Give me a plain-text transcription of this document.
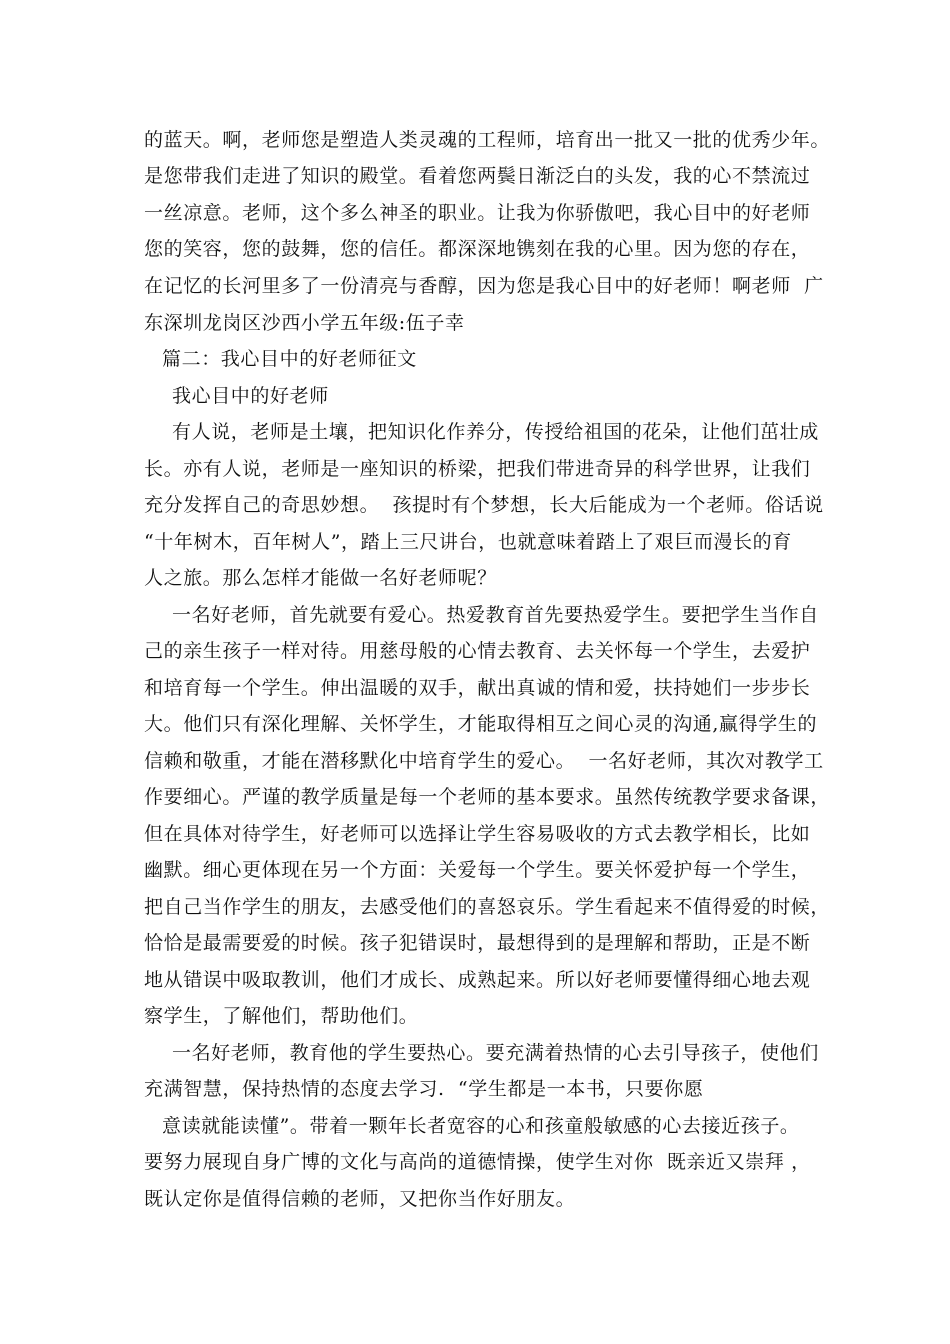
的蓝天。啊，老师您是塑造人类灵魂的工程师，培育出一批又一批的优秀少年。
是您带我们走进了知识的殿堂。看着您两鬓日渐泛白的头发，我的心不禁流过
一丝凉意。老师，这个多么神圣的职业。让我为你骄傲吧，我心目中的好老师
您的笑容，您的鼓舞，您的信任。都深深地镌刻在我的心里。因为您的存在，
在记忆的长河里多了一份清亮与香醇，因为您是我心目中的好老师！啊老师  广
东深圳龙岗区沙西小学五年级:伍子幸
篇二：我心目中的好老师征文
我心目中的好老师
有人说，老师是土壤，把知识化作养分，传授给祖国的花朵，让他们茁壮成
长。亦有人说，老师是一座知识的桥梁，把我们带进奇异的科学世界，让我们
充分发挥自己的奇思妙想。  孩提时有个梦想，长大后能成为一个老师。俗话说
“十年树木，百年树人”，踏上三尺讲台，也就意味着踏上了艰巨而漫长的育
人之旅。那么怎样才能做一名好老师呢？
一名好老师，首先就要有爱心。热爱教育首先要热爱学生。要把学生当作自
己的亲生孩子一样对待。用慈母般的心情去教育、去关怀每一个学生，去爱护
和培育每一个学生。伸出温暖的双手，献出真诚的情和爱，扶持她们一步步长
大。他们只有深化理解、关怀学生，才能取得相互之间心灵的沟通,赢得学生的
信赖和敬重，才能在潜移默化中培育学生的爱心。  一名好老师，其次对教学工
作要细心。严谨的教学质量是每一个老师的基本要求。虽然传统教学要求备课，
但在具体对待学生，好老师可以选择让学生容易吸收的方式去教学相长，比如
幽默。细心更体现在另一个方面：关爱每一个学生。要关怀爱护每一个学生，
把自己当作学生的朋友，去感受他们的喜怒哀乐。学生看起来不值得爱的时候，
恰恰是最需要爱的时候。孩子犯错误时，最想得到的是理解和帮助，正是不断
地从错误中吸取教训，他们才成长、成熟起来。所以好老师要懂得细心地去观
察学生，了解他们，帮助他们。
一名好老师，教育他的学生要热心。要充满着热情的心去引导孩子，使他们
充满智慧，保持热情的态度去学习.  “学生都是一本书，只要你愿
意读就能读懂”。带着一颗年长者宽容的心和孩童般敏感的心去接近孩子。
要努力展现自身广博的文化与高尚的道德情操，使学生对你  既亲近又崇拜 ，
既认定你是值得信赖的老师，又把你当作好朋友。
